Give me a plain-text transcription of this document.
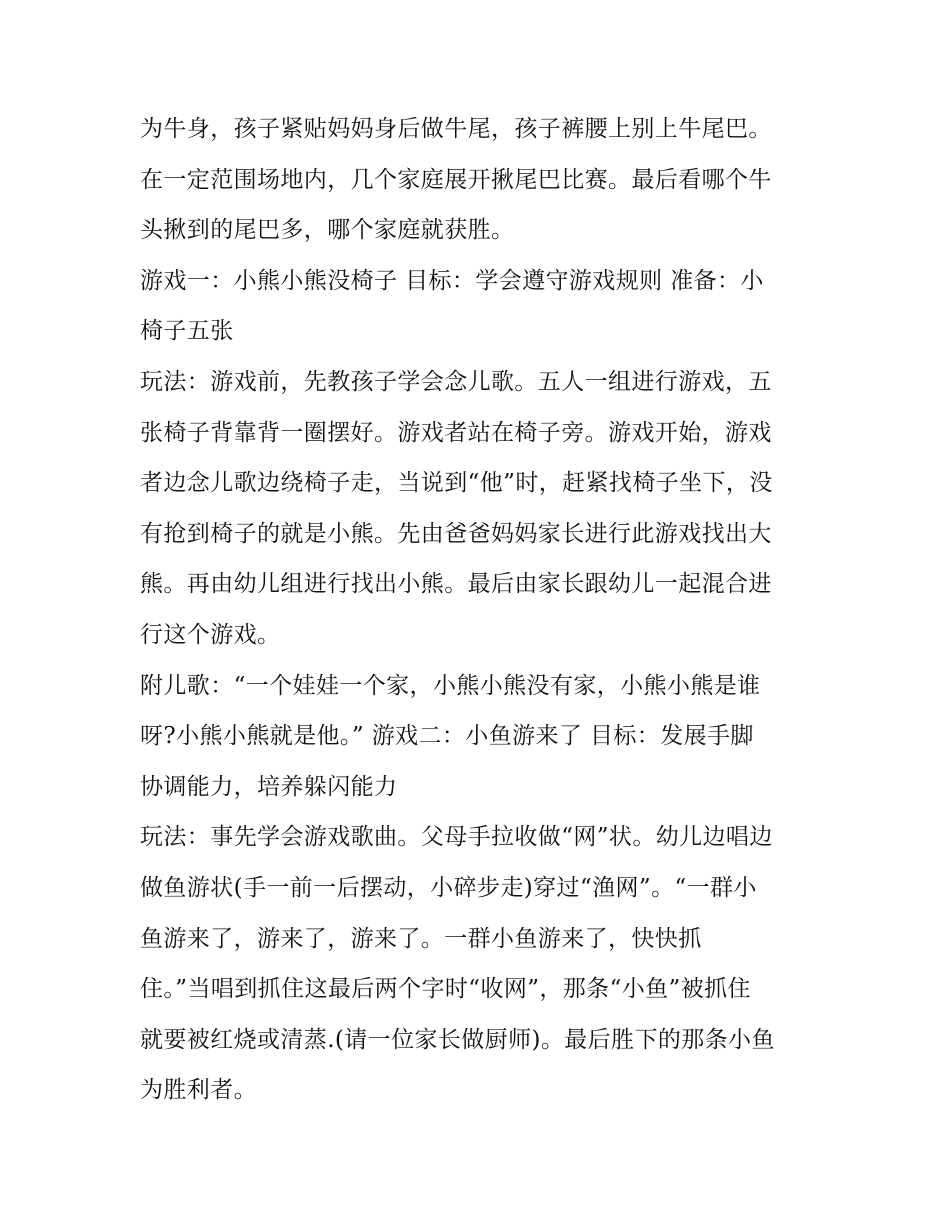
为牛身，孩子紧贴妈妈身后做牛尾，孩子裤腰上别上牛尾巴。
在一定范围场地内，几个家庭展开揪尾巴比赛。最后看哪个牛
头揪到的尾巴多，哪个家庭就获胜。
游戏一：小熊小熊没椅子 目标：学会遵守游戏规则 准备：小
椅子五张
玩法：游戏前，先教孩子学会念儿歌。五人一组进行游戏，五
张椅子背靠背一圈摆好。游戏者站在椅子旁。游戏开始，游戏
者边念儿歌边绕椅子走，当说到“他”时，赶紧找椅子坐下，没
有抢到椅子的就是小熊。先由爸爸妈妈家长进行此游戏找出大
熊。再由幼儿组进行找出小熊。最后由家长跟幼儿一起混合进
行这个游戏。
附儿歌：“一个娃娃一个家，小熊小熊没有家，小熊小熊是谁
呀?小熊小熊就是他。” 游戏二：小鱼游来了 目标：发展手脚
协调能力，培养躲闪能力
玩法：事先学会游戏歌曲。父母手拉收做“网”状。幼儿边唱边
做鱼游状(手一前一后摆动，小碎步走)穿过“渔网”。“一群小
鱼游来了，游来了，游来了。一群小鱼游来了，快快抓
住。”当唱到抓住这最后两个字时“收网”，那条“小鱼”被抓住
就要被红烧或清蒸.(请一位家长做厨师)。最后胜下的那条小鱼
为胜利者。
